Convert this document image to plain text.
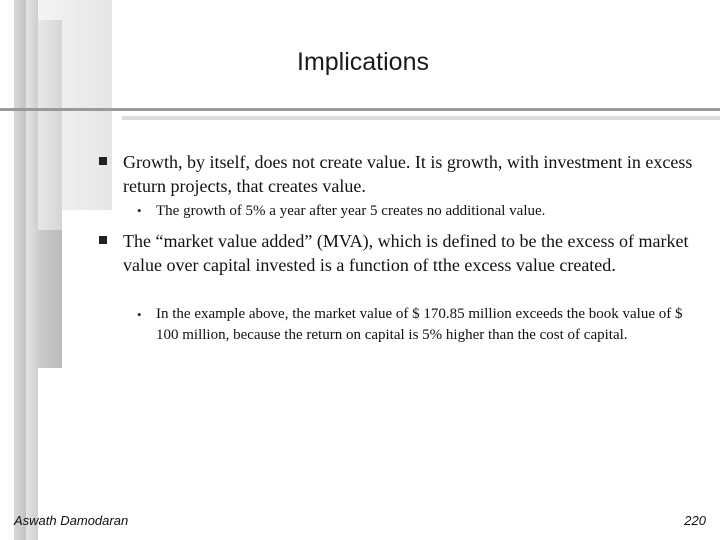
Implications
Growth, by itself, does not create value. It is growth, with investment in excess return projects, that creates value.
• The growth of 5% a year after year 5 creates no additional value.
The “market value added” (MVA), which is defined to be the excess of market value over capital invested is a function of tthe excess value created.
• In the example above, the market value of $ 170.85 million exceeds the book value of $ 100 million, because the return on capital is 5% higher than the cost of capital.
Aswath Damodaran	220
